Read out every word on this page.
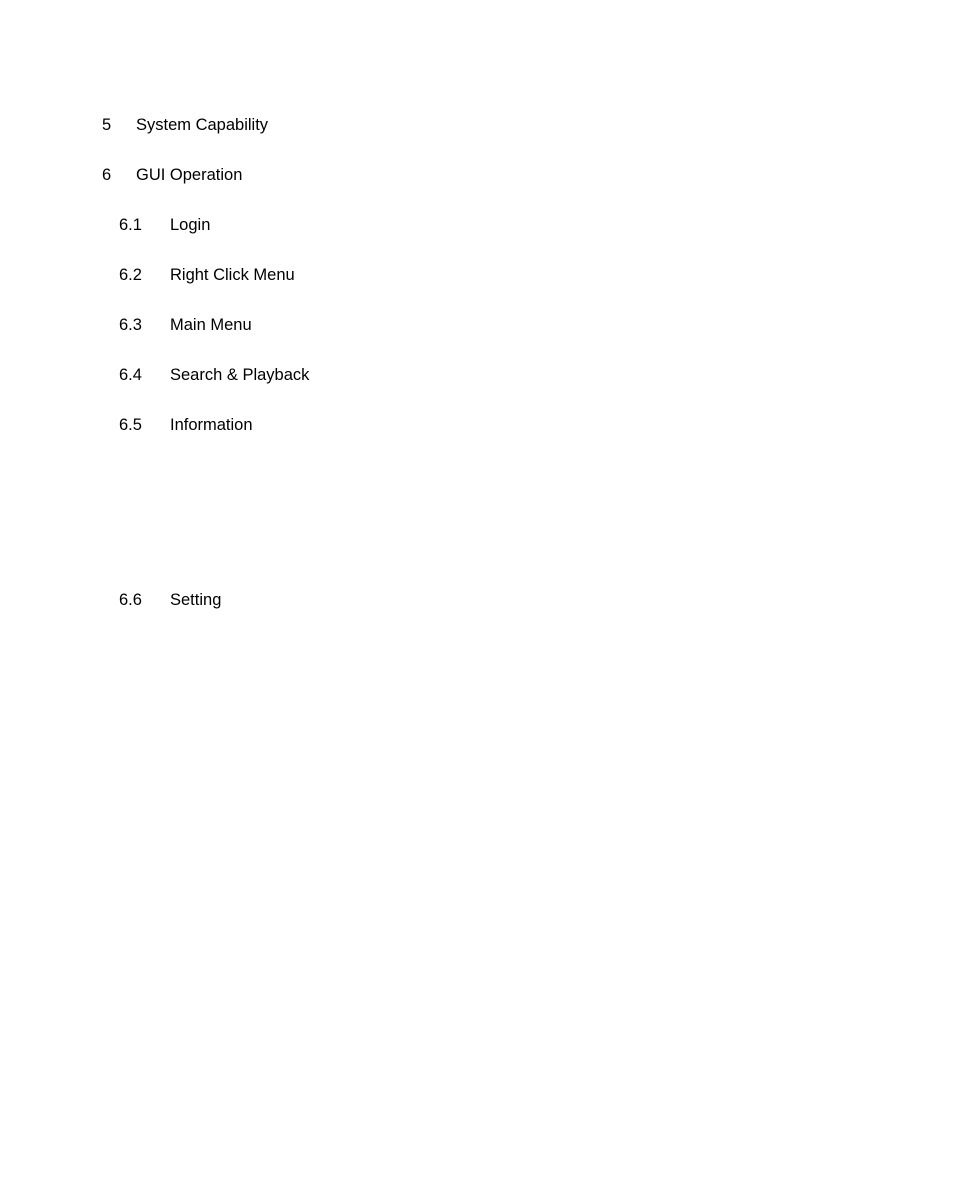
5 System Capability
6 GUI Operation
6.1 Login
6.2 Right Click Menu
6.3 Main Menu
6.4 Search & Playback
6.5 Information
6.6 Setting
